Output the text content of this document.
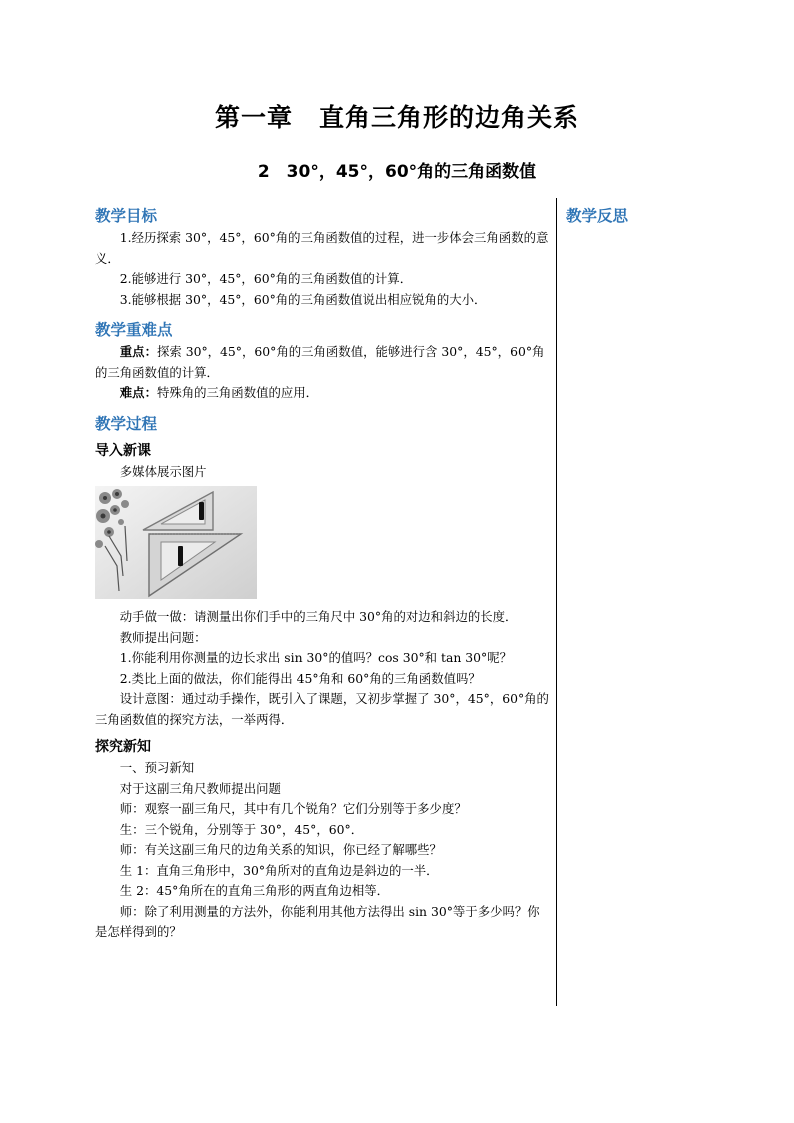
第一章　直角三角形的边角关系
2　30°，45°，60°角的三角函数值
教学反思
教学目标

1.经历探索 30°，45°，60°角的三角函数值的过程，进一步体会三角函数的意义．

2.能够进行 30°，45°，60°角的三角函数值的计算．

3.能够根据 30°，45°，60°角的三角函数值说出相应锐角的大小．

教学重难点

重点：探索 30°，45°，60°角的三角函数值，能够进行含 30°，45°，60°角的三角函数值的计算．

难点：特殊角的三角函数值的应用．

教学过程
导入新课

多媒体展示图片

动手做一做：请测量出你们手中的三角尺中 30°角的对边和斜边的长度．

教师提出问题：

1.你能利用你测量的边长求出 sin 30°的值吗？cos 30°和 tan 30°呢？

2.类比上面的做法，你们能得出 45°角和 60°角的三角函数值吗？

设计意图：通过动手操作，既引入了课题，又初步掌握了 30°，45°，60°角的三角函数值的探究方法，一举两得．

探究新知

一、预习新知

对于这副三角尺教师提出问题

师：观察一副三角尺，其中有几个锐角？它们分别等于多少度？

生：三个锐角，分别等于 30°，45°，60°．

师：有关这副三角尺的边角关系的知识，你已经了解哪些？

生 1：直角三角形中，30°角所对的直角边是斜边的一半．

生 2：45°角所在的直角三角形的两直角边相等．

师：除了利用测量的方法外，你能利用其他方法得出 sin 30°等于多少吗？你是怎样得到的？
